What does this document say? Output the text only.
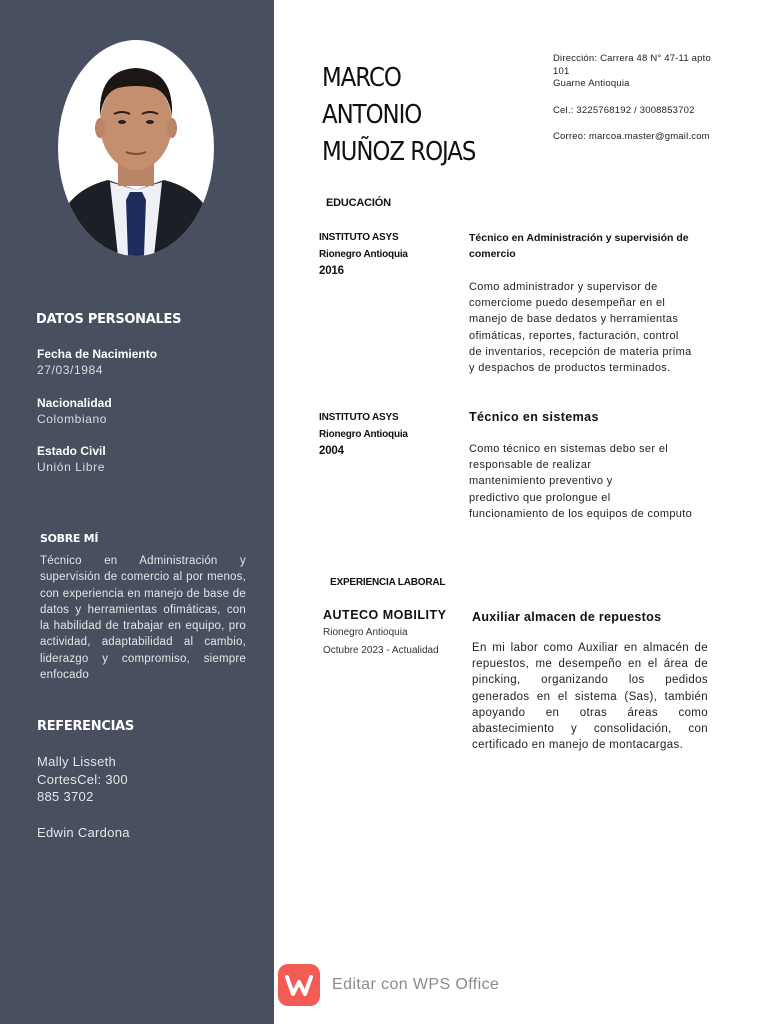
DATOS PERSONALES
Fecha de Nacimiento
27/03/1984
Nacionalidad
Colombiano
Estado Civil
Unión Libre
SOBRE MÍ
Técnico en Administración y supervisión de comercio al por menos, con experiencia en manejo de base de datos y herramientas ofimáticas, con la habilidad de trabajar en equipo, pro actividad, adaptabilidad al cambio, liderazgo y compromiso, siempre enfocado
REFERENCIAS
Mally Lisseth
CortesCel: 300
885 3702
Edwin Cardona
MARCO ANTONIO
MUÑOZ ROJAS
Dirección: Carrera 48 N° 47-11 apto
101
Guarne Antioquia
Cel.: 3225768192 / 3008853702
Correo: marcoa.master@gmail.com
EDUCACIÓN
INSTITUTO ASYS
Rionegro Antioquia
2016
Técnico en Administración y supervisión de
comercio
Como administrador y supervisor de
comerciome puedo desempeñar en el
manejo de base dedatos y herramientas
ofimáticas, reportes, facturación, control
de inventarios, recepción de materia prima
y despachos de productos terminados.
INSTITUTO ASYS
Rionegro Antioquia
2004
Técnico en sistemas
Como técnico en sistemas debo ser el
responsable de realizar
mantenimiento preventivo y
predictivo que prolongue el
funcionamiento de los equipos de computo
EXPERIENCIA LABORAL
AUTECO MOBILITY
Rionegro Antioquia
Octubre 2023 - Actualidad
Auxiliar almacen de repuestos
En mi labor como Auxiliar en almacén de repuestos, me desempeño en el área de pincking, organizando los pedidos generados en el sistema (Sas), también apoyando en otras áreas como abastecimiento y consolidación, con certificado en manejo de montacargas.
Editar con WPS Office
